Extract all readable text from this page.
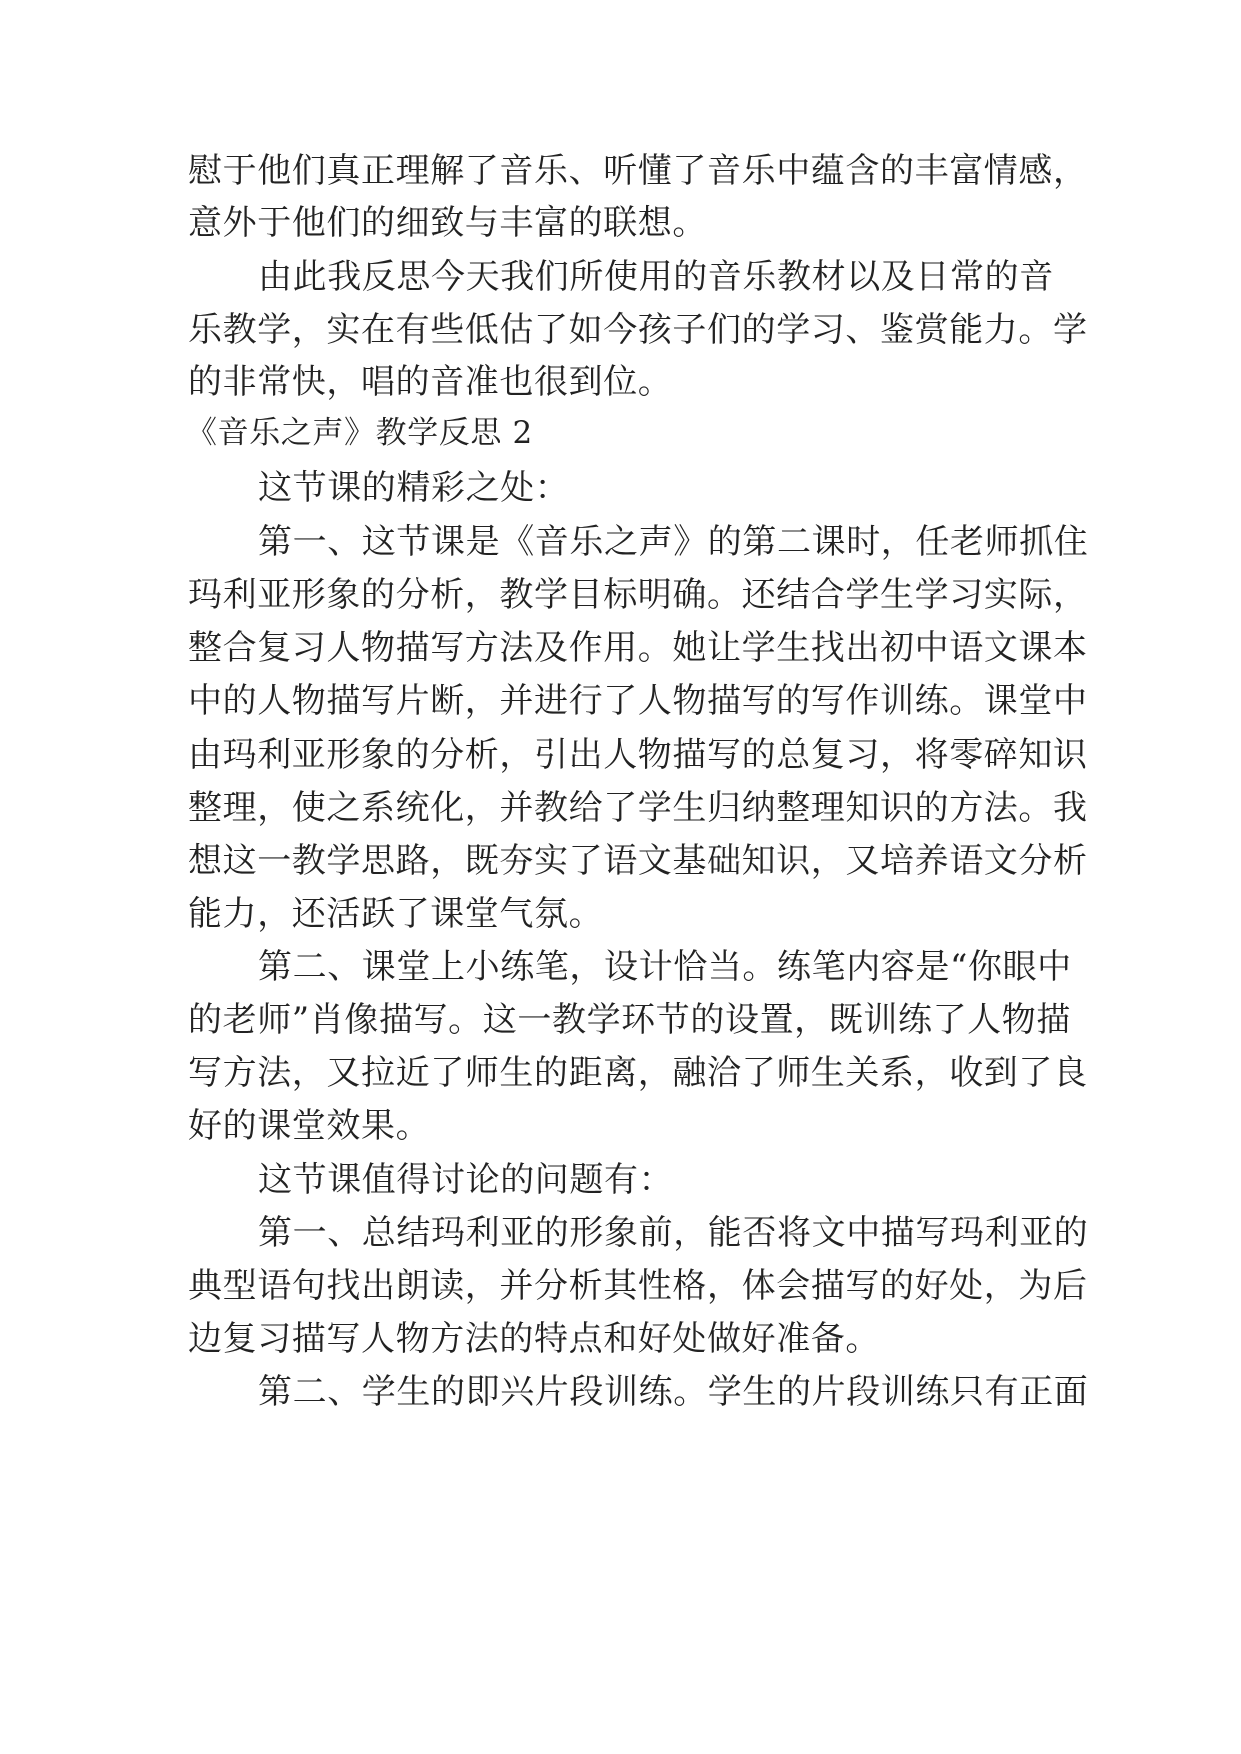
慰于他们真正理解了音乐、听懂了音乐中蕴含的丰富情感，
意外于他们的细致与丰富的联想。
由此我反思今天我们所使用的音乐教材以及日常的音
乐教学，实在有些低估了如今孩子们的学习、鉴赏能力。学
的非常快，唱的音准也很到位。
《音乐之声》教学反思 2
这节课的精彩之处：
第一、这节课是《音乐之声》的第二课时，任老师抓住
玛利亚形象的分析，教学目标明确。还结合学生学习实际，
整合复习人物描写方法及作用。她让学生找出初中语文课本
中的人物描写片断，并进行了人物描写的写作训练。课堂中
由玛利亚形象的分析，引出人物描写的总复习，将零碎知识
整理，使之系统化，并教给了学生归纳整理知识的方法。我
想这一教学思路，既夯实了语文基础知识，又培养语文分析
能力，还活跃了课堂气氛。
第二、课堂上小练笔，设计恰当。练笔内容是“你眼中
的老师”肖像描写。这一教学环节的设置，既训练了人物描
写方法，又拉近了师生的距离，融洽了师生关系，收到了良
好的课堂效果。
这节课值得讨论的问题有：
第一、总结玛利亚的形象前，能否将文中描写玛利亚的
典型语句找出朗读，并分析其性格，体会描写的好处，为后
边复习描写人物方法的特点和好处做好准备。
第二、学生的即兴片段训练。学生的片段训练只有正面
